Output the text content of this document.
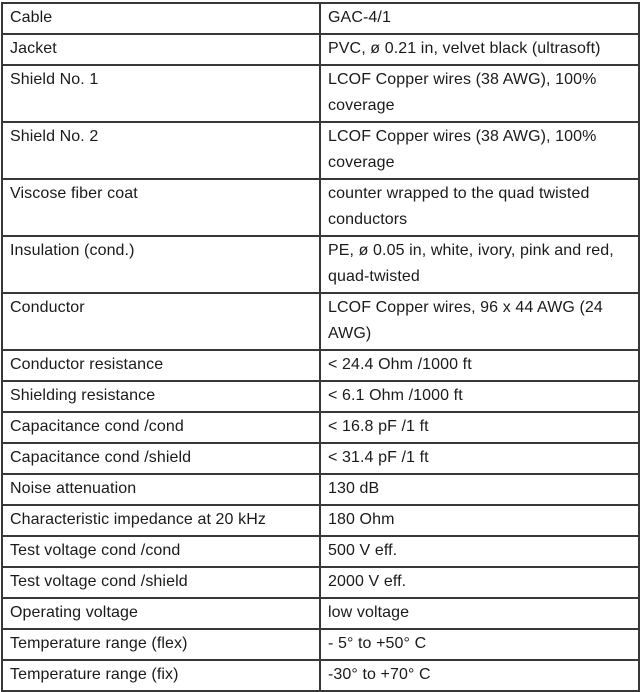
Cable	GAC-4/1
Jacket	PVC, ø 0.21 in, velvet black (ultrasoft)
Shield No. 1	LCOF Copper wires (38 AWG), 100% coverage
Shield No. 2	LCOF Copper wires (38 AWG), 100% coverage
Viscose fiber coat	counter wrapped to the quad twisted conductors
Insulation (cond.)	PE, ø 0.05 in, white, ivory, pink and red, quad-twisted
Conductor	LCOF Copper wires, 96 x 44 AWG (24 AWG)
Conductor resistance	< 24.4 Ohm /1000 ft
Shielding resistance	< 6.1 Ohm /1000 ft
Capacitance cond /cond	< 16.8 pF /1 ft
Capacitance cond /shield	< 31.4 pF /1 ft
Noise attenuation	130 dB
Characteristic impedance at 20 kHz	180 Ohm
Test voltage cond /cond	500 V eff.
Test voltage cond /shield	2000 V eff.
Operating voltage	low voltage
Temperature range (flex)	- 5° to +50° C
Temperature range (fix)	-30° to +70° C
